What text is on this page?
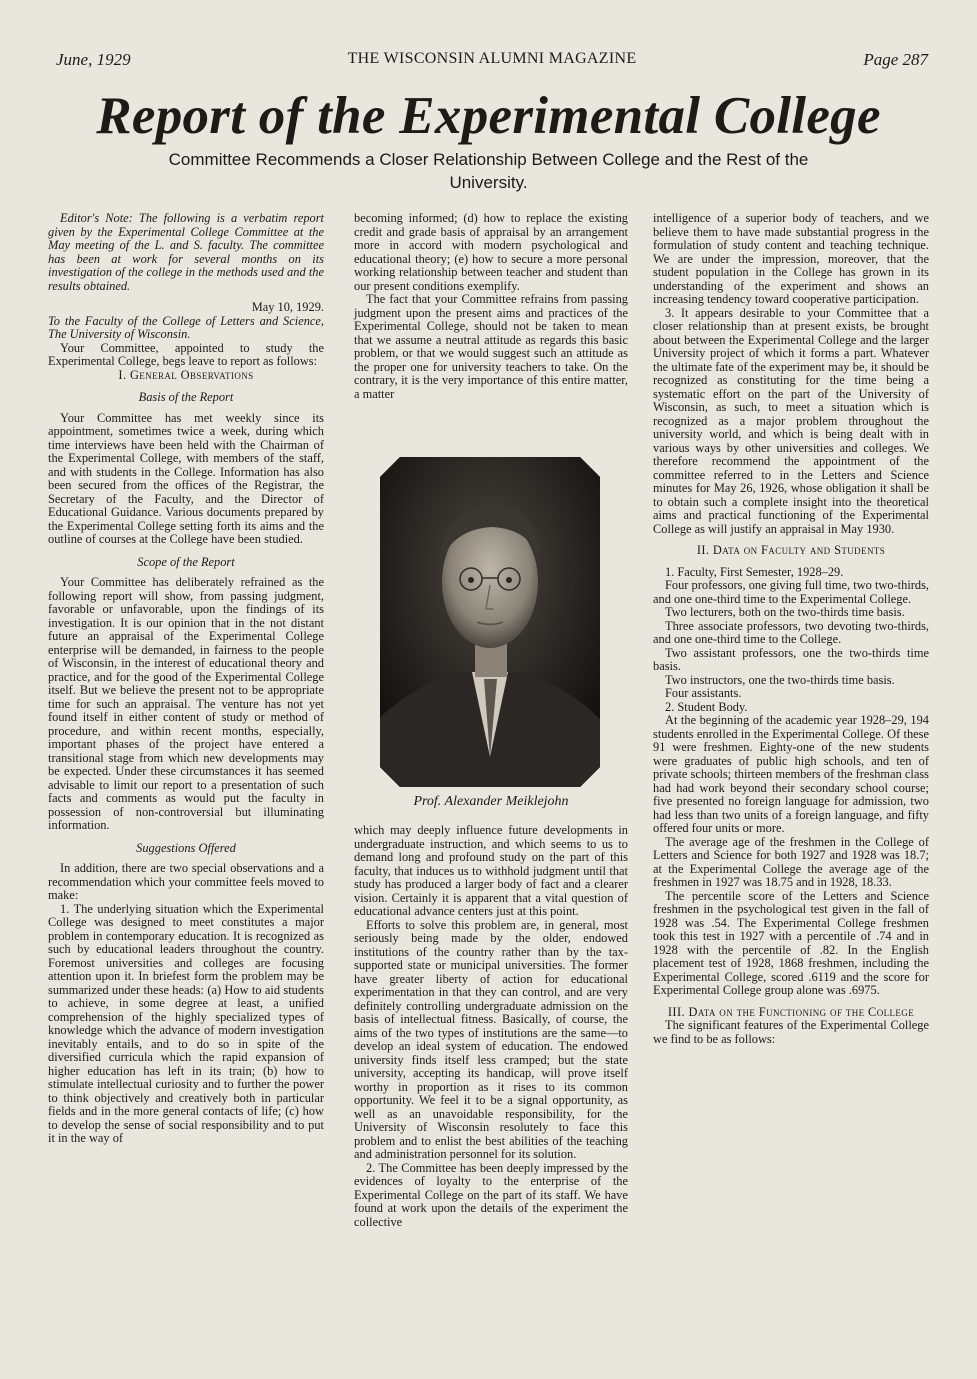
June, 1929	THE WISCONSIN ALUMNI MAGAZINE	Page 287
Report of the Experimental College
Committee Recommends a Closer Relationship Between College and the Rest of the University.

Editor's Note: The following is a verbatim report given by the Experimental College Committee at the May meeting of the L. and S. faculty. The committee has been at work for several months on its investigation of the college in the methods used and the results obtained.

May 10, 1929.

To the Faculty of the College of Letters and Science, The University of Wisconsin.

Your Committee, appointed to study the Experimental College, begs leave to report as follows:

I. General Observations

Basis of the Report

Your Committee has met weekly since its appointment, sometimes twice a week, during which time interviews have been held with the Chairman of the Experimental College, with members of the staff, and with students in the College. Information has also been secured from the offices of the Registrar, the Secretary of the Faculty, and the Director of Educational Guidance. Various documents prepared by the Experimental College setting forth its aims and the outline of courses at the College have been studied.

Scope of the Report

Your Committee has deliberately refrained as the following report will show, from passing judgment, favorable or unfavorable, upon the findings of its investigation. It is our opinion that in the not distant future an appraisal of the Experimental College enterprise will be demanded, in fairness to the people of Wisconsin, in the interest of educational theory and practice, and for the good of the Experimental College itself. But we believe the present not to be appropriate time for such an appraisal. The venture has not yet found itself in either content of study or method of procedure, and within recent months, especially, important phases of the project have entered a transitional stage from which new developments may be expected. Under these circumstances it has seemed advisable to limit our report to a presentation of such facts and comments as would put the faculty in possession of non-controversial but illuminating information.

Suggestions Offered

In addition, there are two special observations and a recommendation which your committee feels moved to make:

1. The underlying situation which the Experimental College was designed to meet constitutes a major problem in contemporary education. It is recognized as such by educational leaders throughout the country. Foremost universities and colleges are focusing attention upon it. In briefest form the problem may be summarized under these heads: (a) How to aid students to achieve, in some degree at least, a unified comprehension of the highly specialized types of knowledge which the advance of modern investigation inevitably entails, and to do so in spite of the diversified curricula which the rapid expansion of higher education has left in its train; (b) how to stimulate intellectual curiosity and to further the power to think objectively and creatively both in particular fields and in the more general contacts of life; (c) how to develop the sense of social responsibility and to put it in the way of

becoming informed; (d) how to replace the existing credit and grade basis of appraisal by an arrangement more in accord with modern psychological and educational theory; (e) how to secure a more personal working relationship between teacher and student than our present conditions exemplify.

The fact that your Committee refrains from passing judgment upon the present aims and practices of the Experimental College, should not be taken to mean that we assume a neutral attitude as regards this basic problem, or that we would suggest such an attitude as the proper one for university teachers to take. On the contrary, it is the very importance of this entire matter, a matter

Prof. Alexander Meiklejohn

which may deeply influence future developments in undergraduate instruction, and which seems to us to demand long and profound study on the part of this faculty, that induces us to withhold judgment until that study has produced a larger body of fact and a clearer vision. Certainly it is apparent that a vital question of educational advance centers just at this point.

Efforts to solve this problem are, in general, most seriously being made by the older, endowed institutions of the country rather than by the tax-supported state or municipal universities. The former have greater liberty of action for educational experimentation in that they can control, and are very definitely controlling undergraduate admission on the basis of intellectual fitness. Basically, of course, the aims of the two types of institutions are the same—to develop an ideal system of education. The endowed university finds itself less cramped; but the state university, accepting its handicap, will prove itself worthy in proportion as it rises to its common opportunity. We feel it to be a signal opportunity, as well as an unavoidable responsibility, for the University of Wisconsin resolutely to face this problem and to enlist the best abilities of the teaching and administration personnel for its solution.

2. The Committee has been deeply impressed by the evidences of loyalty to the enterprise of the Experimental College on the part of its staff. We have found at work upon the details of the experiment the collective

intelligence of a superior body of teachers, and we believe them to have made substantial progress in the formulation of study content and teaching technique. We are under the impression, moreover, that the student population in the College has grown in its understanding of the experiment and shows an increasing tendency toward cooperative participation.

3. It appears desirable to your Committee that a closer relationship than at present exists, be brought about between the Experimental College and the larger University project of which it forms a part. Whatever the ultimate fate of the experiment may be, it should be recognized as constituting for the time being a systematic effort on the part of the University of Wisconsin, as such, to meet a situation which is recognized as a major problem throughout the university world, and which is being dealt with in various ways by other universities and colleges. We therefore recommend the appointment of the committee referred to in the Letters and Science minutes for May 26, 1926, whose obligation it shall be to obtain such a complete insight into the theoretical aims and practical functioning of the Experimental College as will justify an appraisal in May 1930.

II. Data on Faculty and Students

1. Faculty, First Semester, 1928–29.

Four professors, one giving full time, two two-thirds, and one one-third time to the Experimental College.

Two lecturers, both on the two-thirds time basis.

Three associate professors, two devoting two-thirds, and one one-third time to the College.

Two assistant professors, one the two-thirds time basis.

Two instructors, one the two-thirds time basis.

Four assistants.

2. Student Body.

At the beginning of the academic year 1928–29, 194 students enrolled in the Experimental College. Of these 91 were freshmen. Eighty-one of the new students were graduates of public high schools, and ten of private schools; thirteen members of the freshman class had had work beyond their secondary school course; five presented no foreign language for admission, two had less than two units of a foreign language, and fifty offered four units or more.

The average age of the freshmen in the College of Letters and Science for both 1927 and 1928 was 18.7; at the Experimental College the average age of the freshmen in 1927 was 18.75 and in 1928, 18.33.

The percentile score of the Letters and Science freshmen in the psychological test given in the fall of 1928 was .54. The Experimental College freshmen took this test in 1927 with a percentile of .74 and in 1928 with the percentile of .82. In the English placement test of 1928, 1868 freshmen, including the Experimental College, scored .6119 and the score for Experimental College group alone was .6975.

III. Data on the Functioning of the College

The significant features of the Experimental College we find to be as follows:
